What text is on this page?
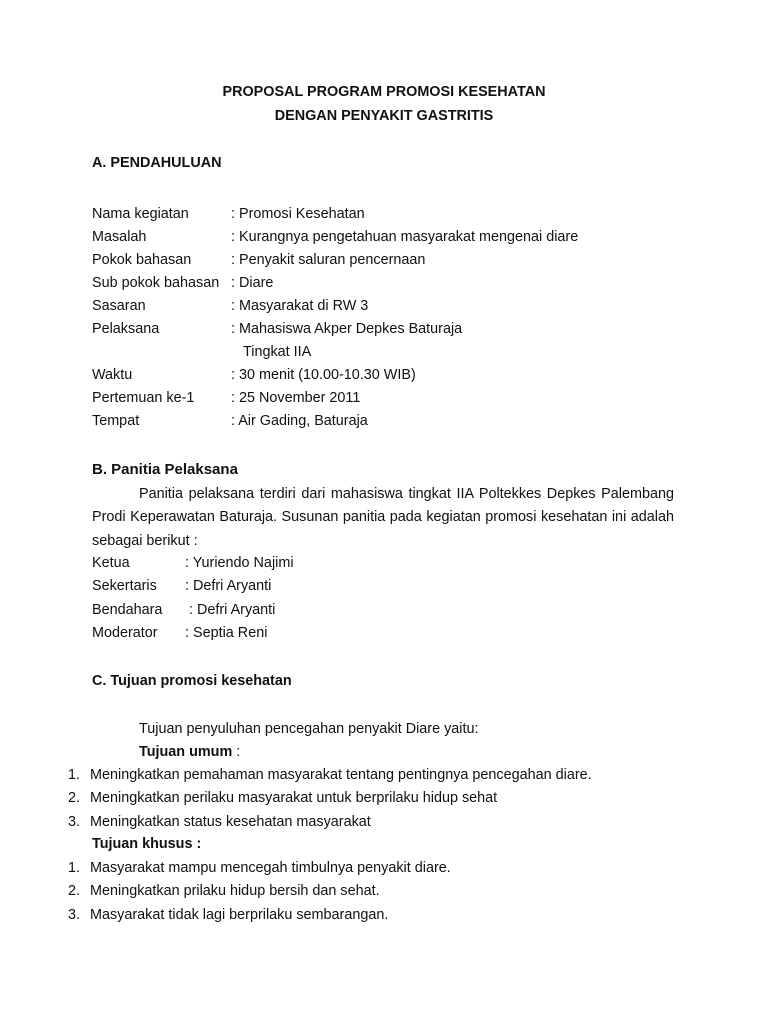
PROPOSAL PROGRAM PROMOSI KESEHATAN
DENGAN PENYAKIT GASTRITIS
A. PENDAHULUAN
Nama kegiatan	: Promosi Kesehatan
Masalah	: Kurangnya pengetahuan masyarakat mengenai diare
Pokok bahasan	: Penyakit saluran pencernaan
Sub pokok bahasan : Diare
Sasaran	: Masyarakat di RW 3
Pelaksana	: Mahasiswa Akper Depkes Baturaja
Tingkat IIA
Waktu	: 30 menit (10.00-10.30 WIB)
Pertemuan ke-1	: 25 November 2011
Tempat	: Air Gading, Baturaja
B. Panitia Pelaksana
Panitia pelaksana terdiri dari mahasiswa tingkat IIA Poltekkes Depkes Palembang Prodi Keperawatan Baturaja. Susunan panitia pada kegiatan promosi kesehatan ini adalah sebagai berikut :
Ketua	: Yuriendo Najimi
Sekertaris	: Defri Aryanti
Bendahara	: Defri Aryanti
Moderator	: Septia Reni
C. Tujuan promosi kesehatan
Tujuan penyuluhan pencegahan penyakit Diare yaitu:
Tujuan umum :
1. Meningkatkan pemahaman masyarakat tentang pentingnya pencegahan diare.
2. Meningkatkan perilaku masyarakat untuk berprilaku hidup sehat
3. Meningkatkan status kesehatan masyarakat
Tujuan khusus :
1. Masyarakat mampu mencegah timbulnya penyakit diare.
2. Meningkatkan prilaku hidup bersih dan sehat.
3. Masyarakat tidak lagi berprilaku sembarangan.
